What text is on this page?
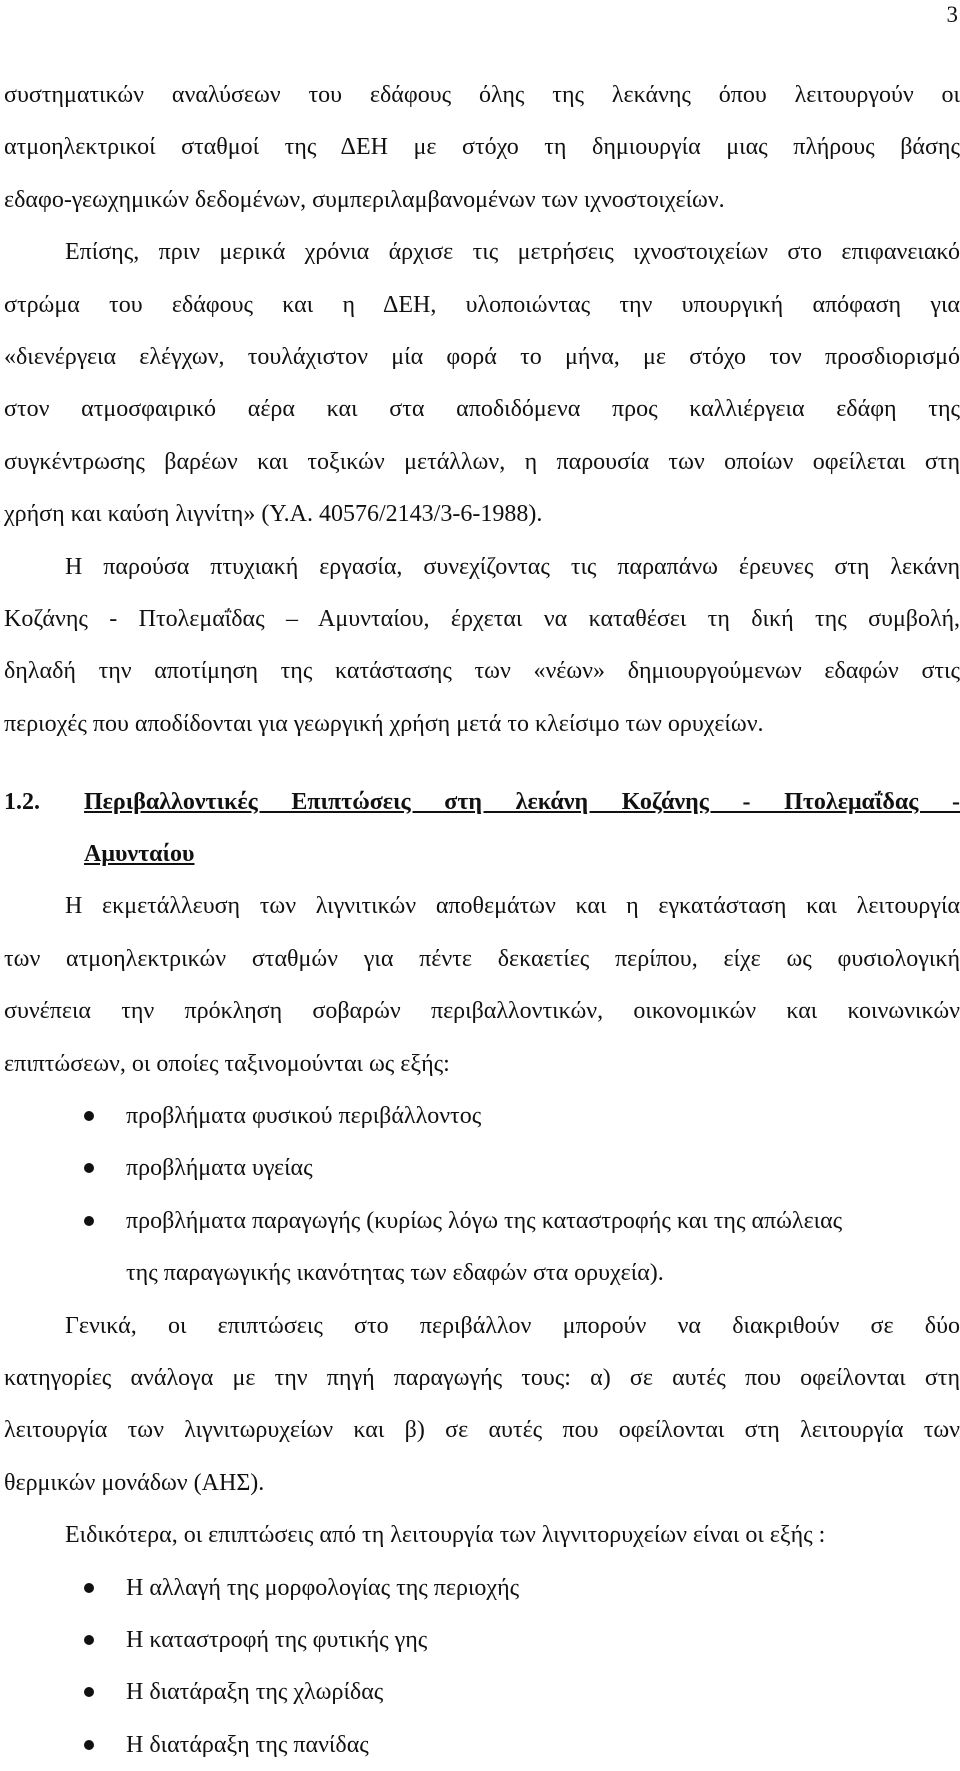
3

συστηματικών αναλύσεων του εδάφους όλης της λεκάνης όπου λειτουργούν οι
ατμοηλεκτρικοί σταθμοί της ΔΕΗ με στόχο τη δημιουργία μιας πλήρους βάσης
εδαφο-γεωχημικών δεδομένων, συμπεριλαμβανομένων των ιχνοστοιχείων.

Επίσης, πριν μερικά χρόνια άρχισε τις μετρήσεις ιχνοστοιχείων στο επιφανειακό
στρώμα του εδάφους και η ΔΕΗ, υλοποιώντας την υπουργική απόφαση για
«διενέργεια ελέγχων, τουλάχιστον μία φορά το μήνα, με στόχο τον προσδιορισμό
στον ατμοσφαιρικό αέρα και στα αποδιδόμενα προς καλλιέργεια εδάφη της
συγκέντρωσης βαρέων και τοξικών μετάλλων, η παρουσία των οποίων οφείλεται στη
χρήση και καύση λιγνίτη» (Υ.Α. 40576/2143/3-6-1988).

Η παρούσα πτυχιακή εργασία, συνεχίζοντας τις παραπάνω έρευνες στη λεκάνη
Κοζάνης - Πτολεμαΐδας – Αμυνταίου, έρχεται να καταθέσει τη δική της συμβολή,
δηλαδή την αποτίμηση της κατάστασης των «νέων» δημιουργούμενων εδαφών στις
περιοχές που αποδίδονται για γεωργική χρήση μετά το κλείσιμο των ορυχείων.

1.2. Περιβαλλοντικές Επιπτώσεις στη λεκάνη Κοζάνης - Πτολεμαΐδας -
Αμυνταίου

Η εκμετάλλευση των λιγνιτικών αποθεμάτων και η εγκατάσταση και λειτουργία
των ατμοηλεκτρικών σταθμών για πέντε δεκαετίες περίπου, είχε ως φυσιολογική
συνέπεια την πρόκληση σοβαρών περιβαλλοντικών, οικονομικών και κοινωνικών
επιπτώσεων, οι οποίες ταξινομούνται ως εξής:

προβλήματα φυσικού περιβάλλοντος
προβλήματα υγείας
προβλήματα παραγωγής (κυρίως λόγω της καταστροφής και της απώλειας
της παραγωγικής ικανότητας των εδαφών στα ορυχεία).

Γενικά, οι επιπτώσεις στο περιβάλλον μπορούν να διακριθούν σε δύο
κατηγορίες ανάλογα με την πηγή παραγωγής τους: α) σε αυτές που οφείλονται στη
λειτουργία των λιγνιτωρυχείων και β) σε αυτές που οφείλονται στη λειτουργία των
θερμικών μονάδων (ΑΗΣ).

Ειδικότερα, οι επιπτώσεις από τη λειτουργία των λιγνιτορυχείων είναι οι εξής :

Η αλλαγή της μορφολογίας της περιοχής
Η καταστροφή της φυτικής γης
Η διατάραξη της χλωρίδας
Η διατάραξη της πανίδας
